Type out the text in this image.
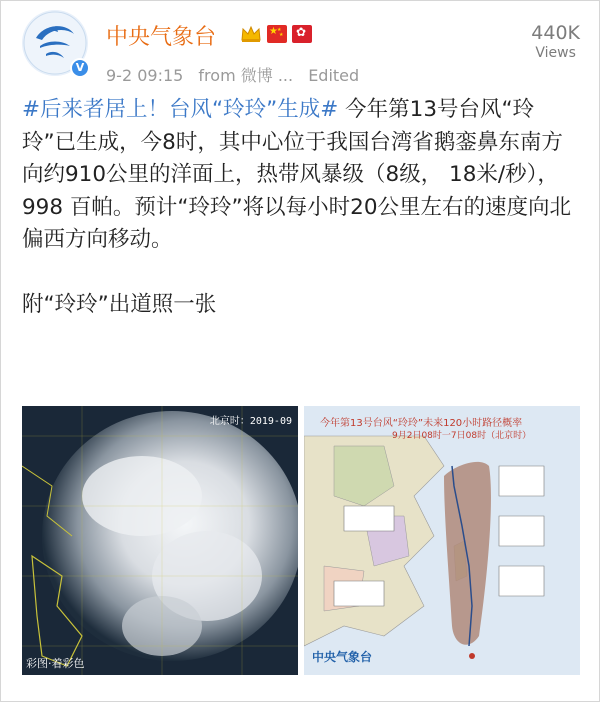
V
中央气象台	★ ★
★ ✿
9-2 09:15 from 微博 ... Edited
440K
Views

#后来者居上！台风“玲玲”生成# 今年第13号台风“玲玲”已生成，今8时，其中心位于我国台湾省鹅銮鼻东南方向约910公里的洋面上，热带风暴级（8级， 18米/秒），998 百帕。预计“玲玲”将以每小时20公里左右的速度向北偏西方向移动。

附“玲玲”出道照一张

北京时：2019-09
彩图·着彩色
今年第13号台风“玲玲”未来120小时路径概率
9月2日08时一7日08时（北京时）
中央气象台
